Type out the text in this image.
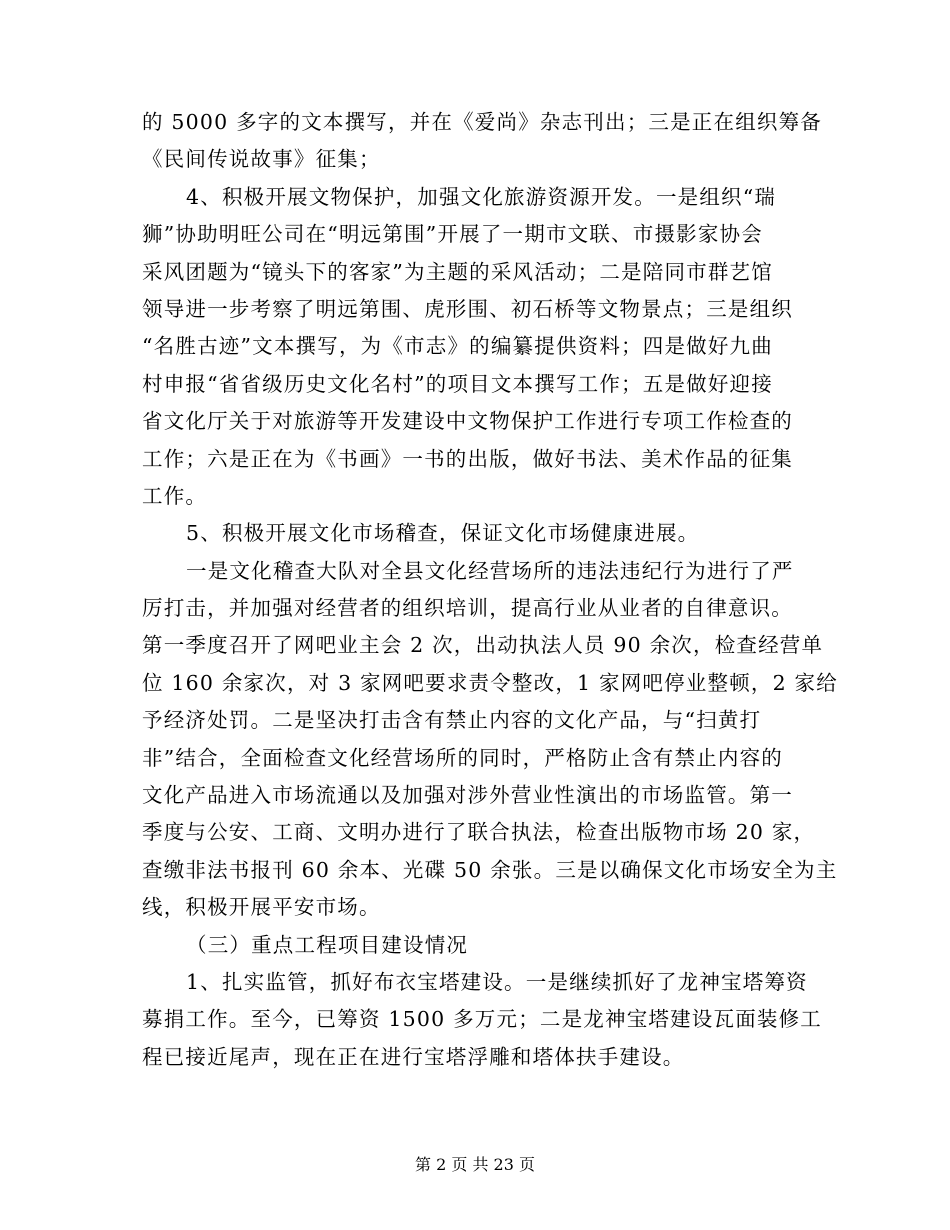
的 5000 多字的文本撰写，并在《爱尚》杂志刊出；三是正在组织筹备
《民间传说故事》征集；
4、积极开展文物保护，加强文化旅游资源开发。一是组织“瑞
狮”协助明旺公司在“明远第围”开展了一期市文联、市摄影家协会
采风团题为“镜头下的客家”为主题的采风活动；二是陪同市群艺馆
领导进一步考察了明远第围、虎形围、初石桥等文物景点；三是组织
“名胜古迹”文本撰写，为《市志》的编纂提供资料；四是做好九曲
村申报“省省级历史文化名村”的项目文本撰写工作；五是做好迎接
省文化厅关于对旅游等开发建设中文物保护工作进行专项工作检查的
工作；六是正在为《书画》一书的出版，做好书法、美术作品的征集
工作。
5、积极开展文化市场稽查，保证文化市场健康进展。
一是文化稽查大队对全县文化经营场所的违法违纪行为进行了严
厉打击，并加强对经营者的组织培训，提高行业从业者的自律意识。
第一季度召开了网吧业主会 2 次，出动执法人员 90 余次，检查经营单
位 160 余家次，对 3 家网吧要求责令整改，1 家网吧停业整顿，2 家给
予经济处罚。二是坚决打击含有禁止内容的文化产品，与“扫黄打
非”结合，全面检查文化经营场所的同时，严格防止含有禁止内容的
文化产品进入市场流通以及加强对涉外营业性演出的市场监管。第一
季度与公安、工商、文明办进行了联合执法，检查出版物市场 20 家，
查缴非法书报刊 60 余本、光碟 50 余张。三是以确保文化市场安全为主
线，积极开展平安市场。
（三）重点工程项目建设情况
1、扎实监管，抓好布衣宝塔建设。一是继续抓好了龙神宝塔筹资
募捐工作。至今，已筹资 1500 多万元；二是龙神宝塔建设瓦面装修工
程已接近尾声，现在正在进行宝塔浮雕和塔体扶手建设。
第 2 页 共 23 页
